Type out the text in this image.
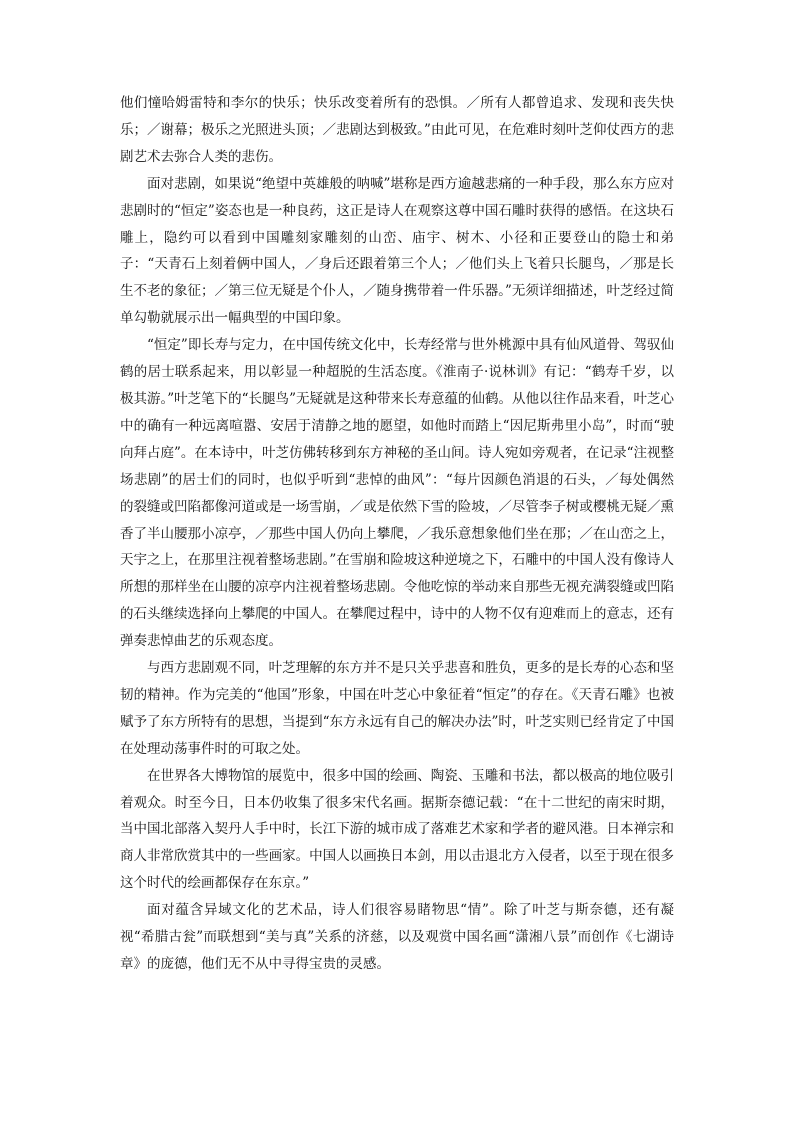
他们憧哈姆雷特和李尔的快乐；快乐改变着所有的恐惧。／所有人都曾追求、发现和丧失快乐；／谢幕；极乐之光照进头顶；／悲剧达到极致。”由此可见，在危难时刻叶芝仰仗西方的悲剧艺术去弥合人类的悲伤。

面对悲剧，如果说“绝望中英雄般的呐喊”堪称是西方逾越悲痛的一种手段，那么东方应对悲剧时的“恒定”姿态也是一种良药，这正是诗人在观察这尊中国石雕时获得的感悟。在这块石雕上，隐约可以看到中国雕刻家雕刻的山峦、庙宇、树木、小径和正要登山的隐士和弟子：“天青石上刻着俩中国人，／身后还跟着第三个人；／他们头上飞着只长腿鸟，／那是长生不老的象征；／第三位无疑是个仆人，／随身携带着一件乐器。”无须详细描述，叶芝经过简单勾勒就展示出一幅典型的中国印象。

“恒定”即长寿与定力，在中国传统文化中，长寿经常与世外桃源中具有仙风道骨、驾驭仙鹤的居士联系起来，用以彰显一种超脱的生活态度。《淮南子·说林训》有记：“鹤寿千岁，以极其游。”叶芝笔下的“长腿鸟”无疑就是这种带来长寿意蕴的仙鹤。从他以往作品来看，叶芝心中的确有一种远离喧嚣、安居于清静之地的愿望，如他时而踏上“因尼斯弗里小岛”，时而“驶向拜占庭”。在本诗中，叶芝仿佛转移到东方神秘的圣山间。诗人宛如旁观者，在记录“注视整场悲剧”的居士们的同时，也似乎听到“悲悼的曲风”：“每片因颜色消退的石头，／每处偶然的裂缝或凹陷都像河道或是一场雪崩，／或是依然下雪的险坡，／尽管李子树或樱桃无疑／熏香了半山腰那小凉亭，／那些中国人仍向上攀爬，／我乐意想象他们坐在那；／在山峦之上，天宇之上，在那里注视着整场悲剧。”在雪崩和险坡这种逆境之下，石雕中的中国人没有像诗人所想的那样坐在山腰的凉亭内注视着整场悲剧。令他吃惊的举动来自那些无视充满裂缝或凹陷的石头继续选择向上攀爬的中国人。在攀爬过程中，诗中的人物不仅有迎难而上的意志，还有弹奏悲悼曲艺的乐观态度。

与西方悲剧观不同，叶芝理解的东方并不是只关乎悲喜和胜负，更多的是长寿的心态和坚韧的精神。作为完美的“他国”形象，中国在叶芝心中象征着“恒定”的存在。《天青石雕》也被赋予了东方所特有的思想，当提到“东方永远有自己的解决办法”时，叶芝实则已经肯定了中国在处理动荡事件时的可取之处。

在世界各大博物馆的展览中，很多中国的绘画、陶瓷、玉雕和书法，都以极高的地位吸引着观众。时至今日，日本仍收集了很多宋代名画。据斯奈德记载：“在十二世纪的南宋时期，当中国北部落入契丹人手中时，长江下游的城市成了落难艺术家和学者的避风港。日本禅宗和商人非常欣赏其中的一些画家。中国人以画换日本剑，用以击退北方入侵者，以至于现在很多这个时代的绘画都保存在东京。”

面对蕴含异域文化的艺术品，诗人们很容易睹物思“情”。除了叶芝与斯奈德，还有凝视“希腊古瓮”而联想到“美与真”关系的济慈，以及观赏中国名画“潇湘八景”而创作《七湖诗章》的庞德，他们无不从中寻得宝贵的灵感。
